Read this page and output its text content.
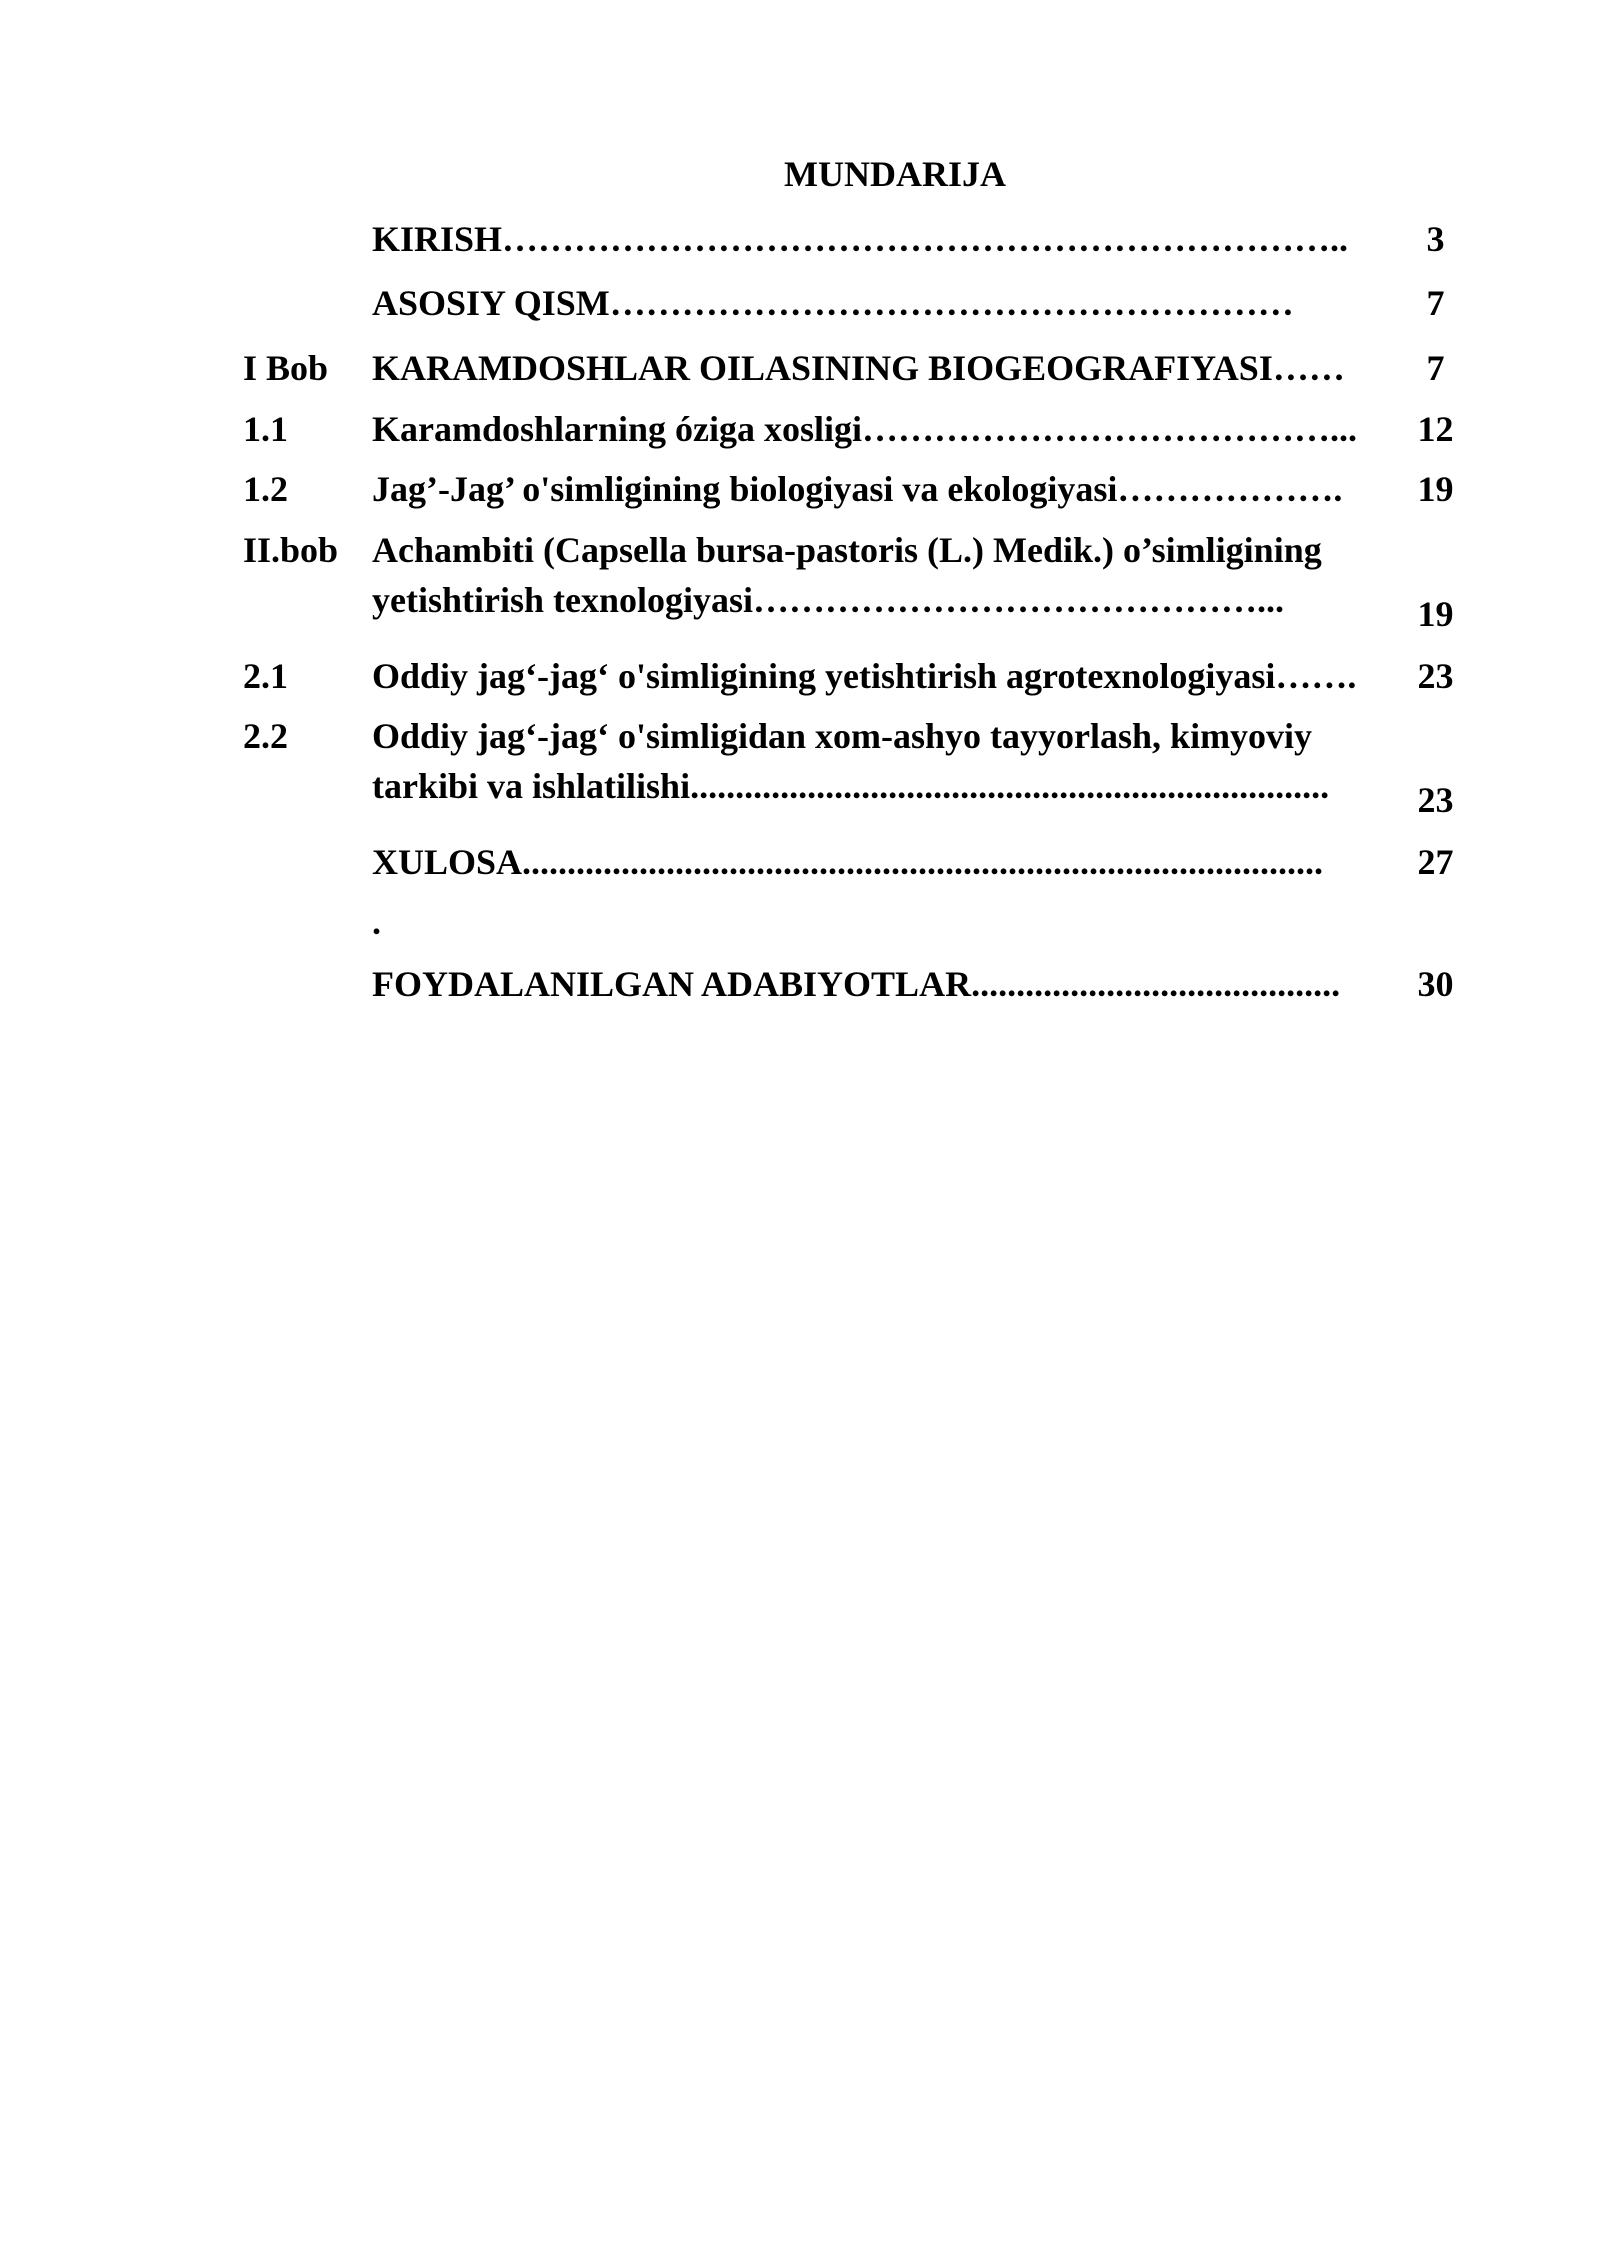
MUNDARIJA
KIRISH……………………………………………………………..	3
ASOSIY QISM…………………………………………………	7
I Bob KARAMDOSHLAR OILASINING BIOGEOGRAFIYASI……	7
1.1 Karamdoshlarning óziga xosligi…………………………………...	12
1.2 Jag’-Jag’ o'simligining biologiyasi va ekologiyasi……………….	19
II.bob Achambiti (Capsella bursa-pastoris (L.) Medik.) o’simligining
yetishtirish texnologiyasi……………………………………...	19
2.1 Oddiy jag‘-jag‘ o'simligining yetishtirish agrotexnologiyasi…….	23
2.2 Oddiy jag‘-jag‘ o'simligidan xom-ashyo tayyorlash, kimyoviy
tarkibi va ishlatilishi.......................................................................	23
XULOSA.........................................................................................	27
.
FOYDALANILGAN ADABIYOTLAR.........................................	30
